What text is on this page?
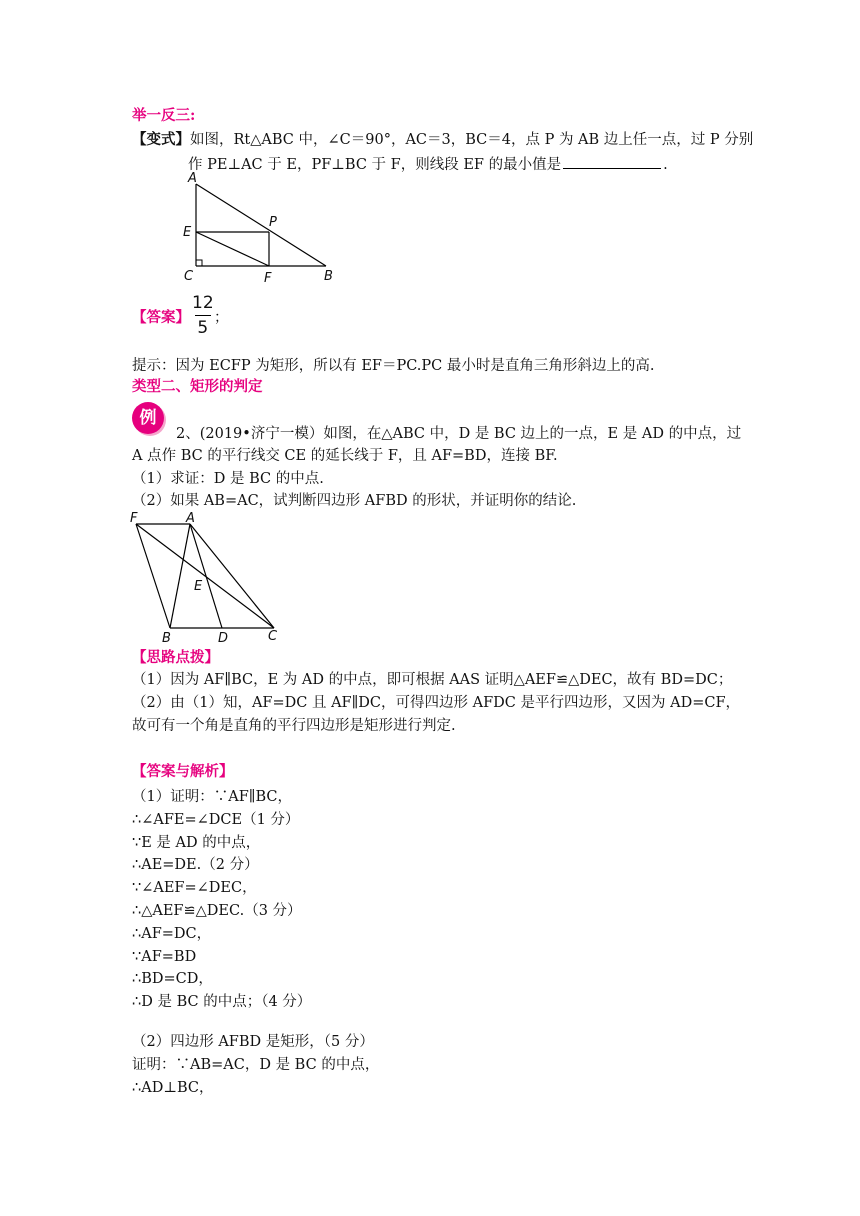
举一反三:
【变式】如图，Rt△ABC 中，∠C＝90°，AC＝3，BC＝4，点 P 为 AB 边上任一点，过 P 分别
作 PE⊥AC 于 E，PF⊥BC 于 F，则线段 EF 的最小值是	.
A
E
P
C	F	B
【答案】
12
5 ；
提示：因为 ECFP 为矩形，所以有 EF＝PC.PC 最小时是直角三角形斜边上的高.
类型二、矩形的判定
例
2、(2019•济宁一模）如图，在△ABC 中，D 是 BC 边上的一点，E 是 AD 的中点，过
A 点作 BC 的平行线交 CE 的延长线于 F，且 AF=BD，连接 BF.
（1）求证：D 是 BC 的中点.
（2）如果 AB=AC，试判断四边形 AFBD 的形状，并证明你的结论.
F	A
E
B	D	C
【思路点拨】
（1）因为 AF∥BC，E 为 AD 的中点，即可根据 AAS 证明△AEF≌△DEC，故有 BD=DC；
（2）由（1）知，AF=DC 且 AF∥DC，可得四边形 AFDC 是平行四边形，又因为 AD=CF，
故可有一个角是直角的平行四边形是矩形进行判定.
【答案与解析】
（1）证明：∵AF∥BC，
∴∠AFE=∠DCE（1 分）
∵E 是 AD 的中点，
∴AE=DE.（2 分）
∵∠AEF=∠DEC，
∴△AEF≌△DEC.（3 分）
∴AF=DC，
∵AF=BD
∴BD=CD，
∴D 是 BC 的中点；（4 分）
（2）四边形 AFBD 是矩形，（5 分）
证明：∵AB=AC，D 是 BC 的中点，
∴AD⊥BC，
